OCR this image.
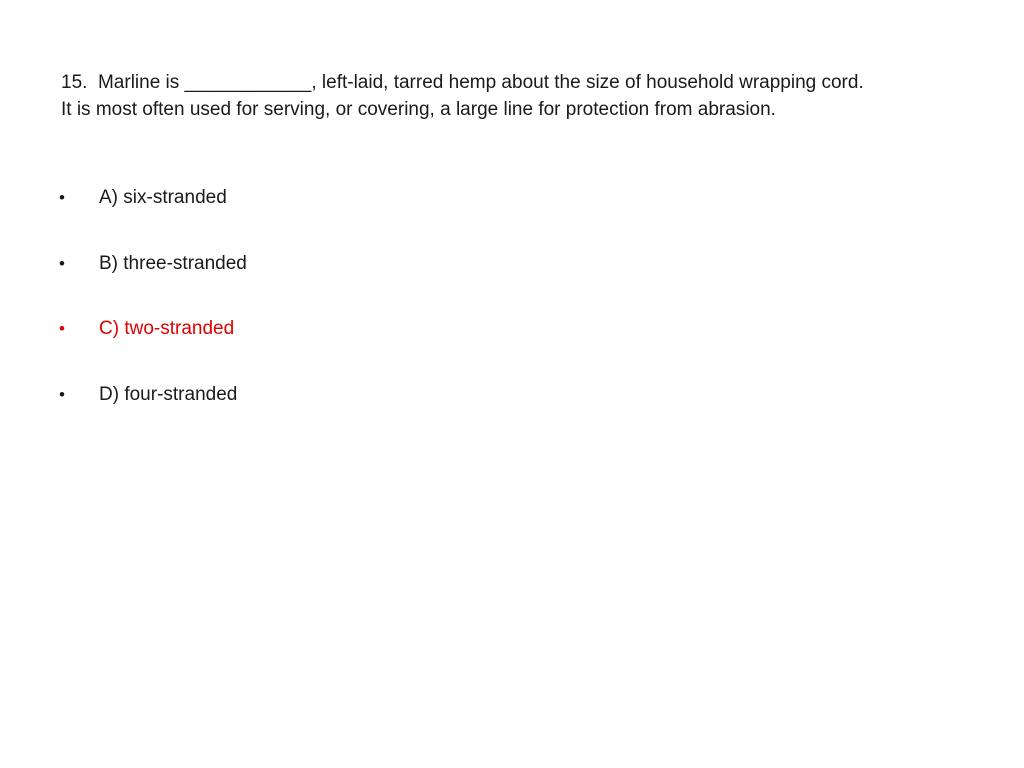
15.  Marline is ____________, left-laid, tarred hemp about the size of household wrapping cord.
It is most often used for serving, or covering, a large line for protection from abrasion.

•	A) six-stranded
•	B) three-stranded
•	C) two-stranded
•	D) four-stranded
